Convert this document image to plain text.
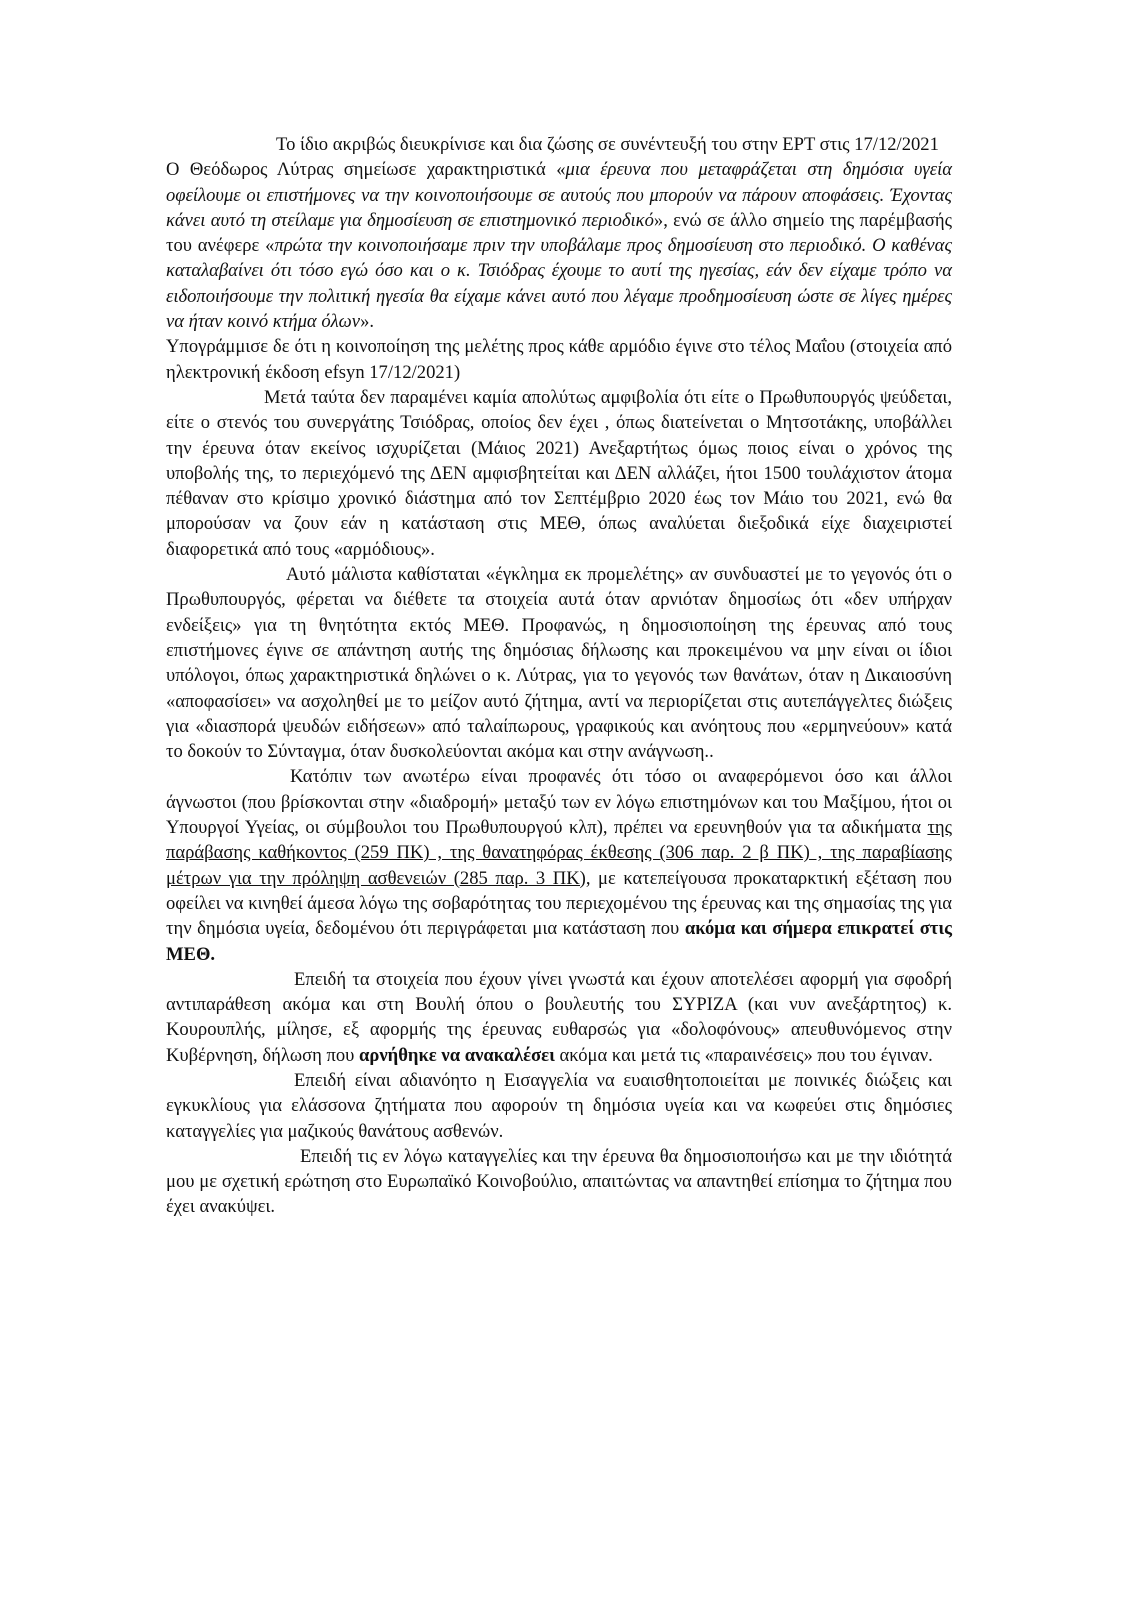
Το ίδιο ακριβώς διευκρίνισε και δια ζώσης σε συνέντευξή του στην ΕΡΤ στις 17/12/2021

Ο Θεόδωρος Λύτρας σημείωσε χαρακτηριστικά «μια έρευνα που μεταφράζεται στη δημόσια υγεία οφείλουμε οι επιστήμονες να την κοινοποιήσουμε σε αυτούς που μπορούν να πάρουν αποφάσεις. Έχοντας κάνει αυτό τη στείλαμε για δημοσίευση σε επιστημονικό περιοδικό», ενώ σε άλλο σημείο της παρέμβασής του ανέφερε «πρώτα την κοινοποιήσαμε πριν την υποβάλαμε προς δημοσίευση στο περιοδικό. Ο καθένας καταλαβαίνει ότι τόσο εγώ όσο και ο κ. Τσιόδρας έχουμε το αυτί της ηγεσίας, εάν δεν είχαμε τρόπο να ειδοποιήσουμε την πολιτική ηγεσία θα είχαμε κάνει αυτό που λέγαμε προδημοσίευση ώστε σε λίγες ημέρες να ήταν κοινό κτήμα όλων».

Υπογράμμισε δε ότι η κοινοποίηση της μελέτης προς κάθε αρμόδιο έγινε στο τέλος Μαΐου (στοιχεία από ηλεκτρονική έκδοση efsyn 17/12/2021)

Μετά ταύτα δεν παραμένει καμία απολύτως αμφιβολία ότι είτε ο Πρωθυπουργός ψεύδεται, είτε ο στενός του συνεργάτης Τσιόδρας, οποίος δεν έχει , όπως διατείνεται ο Μητσοτάκης, υποβάλλει την έρευνα όταν εκείνος ισχυρίζεται (Μάιος 2021) Ανεξαρτήτως όμως ποιος είναι ο χρόνος της υποβολής της, το περιεχόμενό της ΔΕΝ αμφισβητείται και ΔΕΝ αλλάζει, ήτοι 1500 τουλάχιστον άτομα πέθαναν στο κρίσιμο χρονικό διάστημα από τον Σεπτέμβριο 2020 έως τον Μάιο του 2021, ενώ θα μπορούσαν να ζουν εάν η κατάσταση στις ΜΕΘ, όπως αναλύεται διεξοδικά είχε διαχειριστεί διαφορετικά από τους «αρμόδιους».

Αυτό μάλιστα καθίσταται «έγκλημα εκ προμελέτης» αν συνδυαστεί με το γεγονός ότι ο Πρωθυπουργός, φέρεται να διέθετε τα στοιχεία αυτά όταν αρνιόταν δημοσίως ότι «δεν υπήρχαν ενδείξεις» για τη θνητότητα εκτός ΜΕΘ. Προφανώς, η δημοσιοποίηση της έρευνας από τους επιστήμονες έγινε σε απάντηση αυτής της δημόσιας δήλωσης και προκειμένου να μην είναι οι ίδιοι υπόλογοι, όπως χαρακτηριστικά δηλώνει ο κ. Λύτρας, για το γεγονός των θανάτων, όταν η Δικαιοσύνη «αποφασίσει» να ασχοληθεί με το μείζον αυτό ζήτημα, αντί να περιορίζεται στις αυτεπάγγελτες διώξεις για «διασπορά ψευδών ειδήσεων» από ταλαίπωρους, γραφικούς και ανόητους που «ερμηνεύουν» κατά το δοκούν το Σύνταγμα, όταν δυσκολεύονται ακόμα και στην ανάγνωση..

Κατόπιν των ανωτέρω είναι προφανές ότι τόσο οι αναφερόμενοι όσο και άλλοι άγνωστοι (που βρίσκονται στην «διαδρομή» μεταξύ των εν λόγω επιστημόνων και του Μαξίμου, ήτοι οι Υπουργοί Υγείας, οι σύμβουλοι του Πρωθυπουργού κλπ), πρέπει να ερευνηθούν για τα αδικήματα της παράβασης καθήκοντος (259 ΠΚ) , της θανατηφόρας έκθεσης (306 παρ. 2 β ΠΚ) , της παραβίασης μέτρων για την πρόληψη ασθενειών (285 παρ. 3 ΠΚ), με κατεπείγουσα προκαταρκτική εξέταση που οφείλει να κινηθεί άμεσα λόγω της σοβαρότητας του περιεχομένου της έρευνας και της σημασίας της για την δημόσια υγεία, δεδομένου ότι περιγράφεται μια κατάσταση που ακόμα και σήμερα επικρατεί στις ΜΕΘ.

Επειδή τα στοιχεία που έχουν γίνει γνωστά και έχουν αποτελέσει αφορμή για σφοδρή αντιπαράθεση ακόμα και στη Βουλή όπου ο βουλευτής του ΣΥΡΙΖΑ (και νυν ανεξάρτητος) κ. Κουρουπλής, μίλησε, εξ αφορμής της έρευνας ευθαρσώς για «δολοφόνους» απευθυνόμενος στην Κυβέρνηση, δήλωση που αρνήθηκε να ανακαλέσει ακόμα και μετά τις «παραινέσεις» που του έγιναν.

Επειδή είναι αδιανόητο η Εισαγγελία να ευαισθητοποιείται με ποινικές διώξεις και εγκυκλίους για ελάσσονα ζητήματα που αφορούν τη δημόσια υγεία και να κωφεύει στις δημόσιες καταγγελίες για μαζικούς θανάτους ασθενών.

Επειδή τις εν λόγω καταγγελίες και την έρευνα θα δημοσιοποιήσω και με την ιδιότητά μου με σχετική ερώτηση στο Ευρωπαϊκό Κοινοβούλιο, απαιτώντας να απαντηθεί επίσημα το ζήτημα που έχει ανακύψει.
